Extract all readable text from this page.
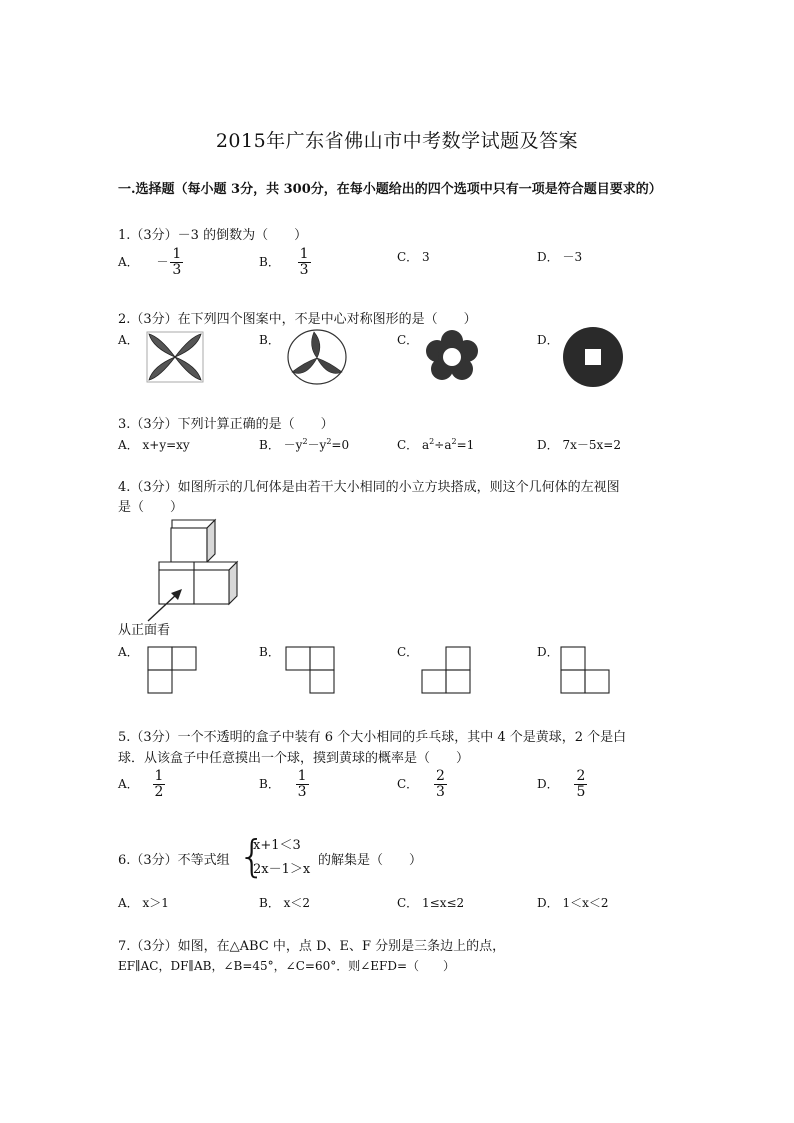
2015年广东省佛山市中考数学试题及答案
一.选择题（每小题 3分，共 300分，在每小题给出的四个选项中只有一项是符合题目要求的）
1.（3分）－3 的倒数为（　　）
A． － $\frac{1}{3}$	B． $\frac{1}{3}$	C． 3	D． －3
2.（3分）在下列四个图案中，不是中心对称图形的是（　　）
A．	B．	C．	D．
3.（3分）下列计算正确的是（　　）
A． x+y=xy	B． $-y^2-y^2=0$	C． $a^2\div a^2=1$	D． 7x－5x=2
4.（3分）如图所示的几何体是由若干大小相同的小立方块搭成，则这个几何体的左视图
是（　　）
从正面看
A．	B．	C．	D．
5.（3分）一个不透明的盒子中装有 6 个大小相同的乒乓球，其中 4 个是黄球，2 个是白
球．从该盒子中任意摸出一个球，摸到黄球的概率是（　　）
A． $\frac{1}{2}$	B． $\frac{1}{3}$	C． $\frac{2}{3}$	D． $\frac{2}{5}$
6.（3分）不等式组 {
x+1＜3
2x－1＞x
的解集是（　　）
A． x＞1	B． x＜2	C． 1≤x≤2	D． 1＜x＜2
7.（3分）如图，在△ABC 中，点 D、E、F 分别是三条边上的点，
EF∥AC，DF∥AB，∠B=45°，∠C=60°．则∠EFD=（　　）
